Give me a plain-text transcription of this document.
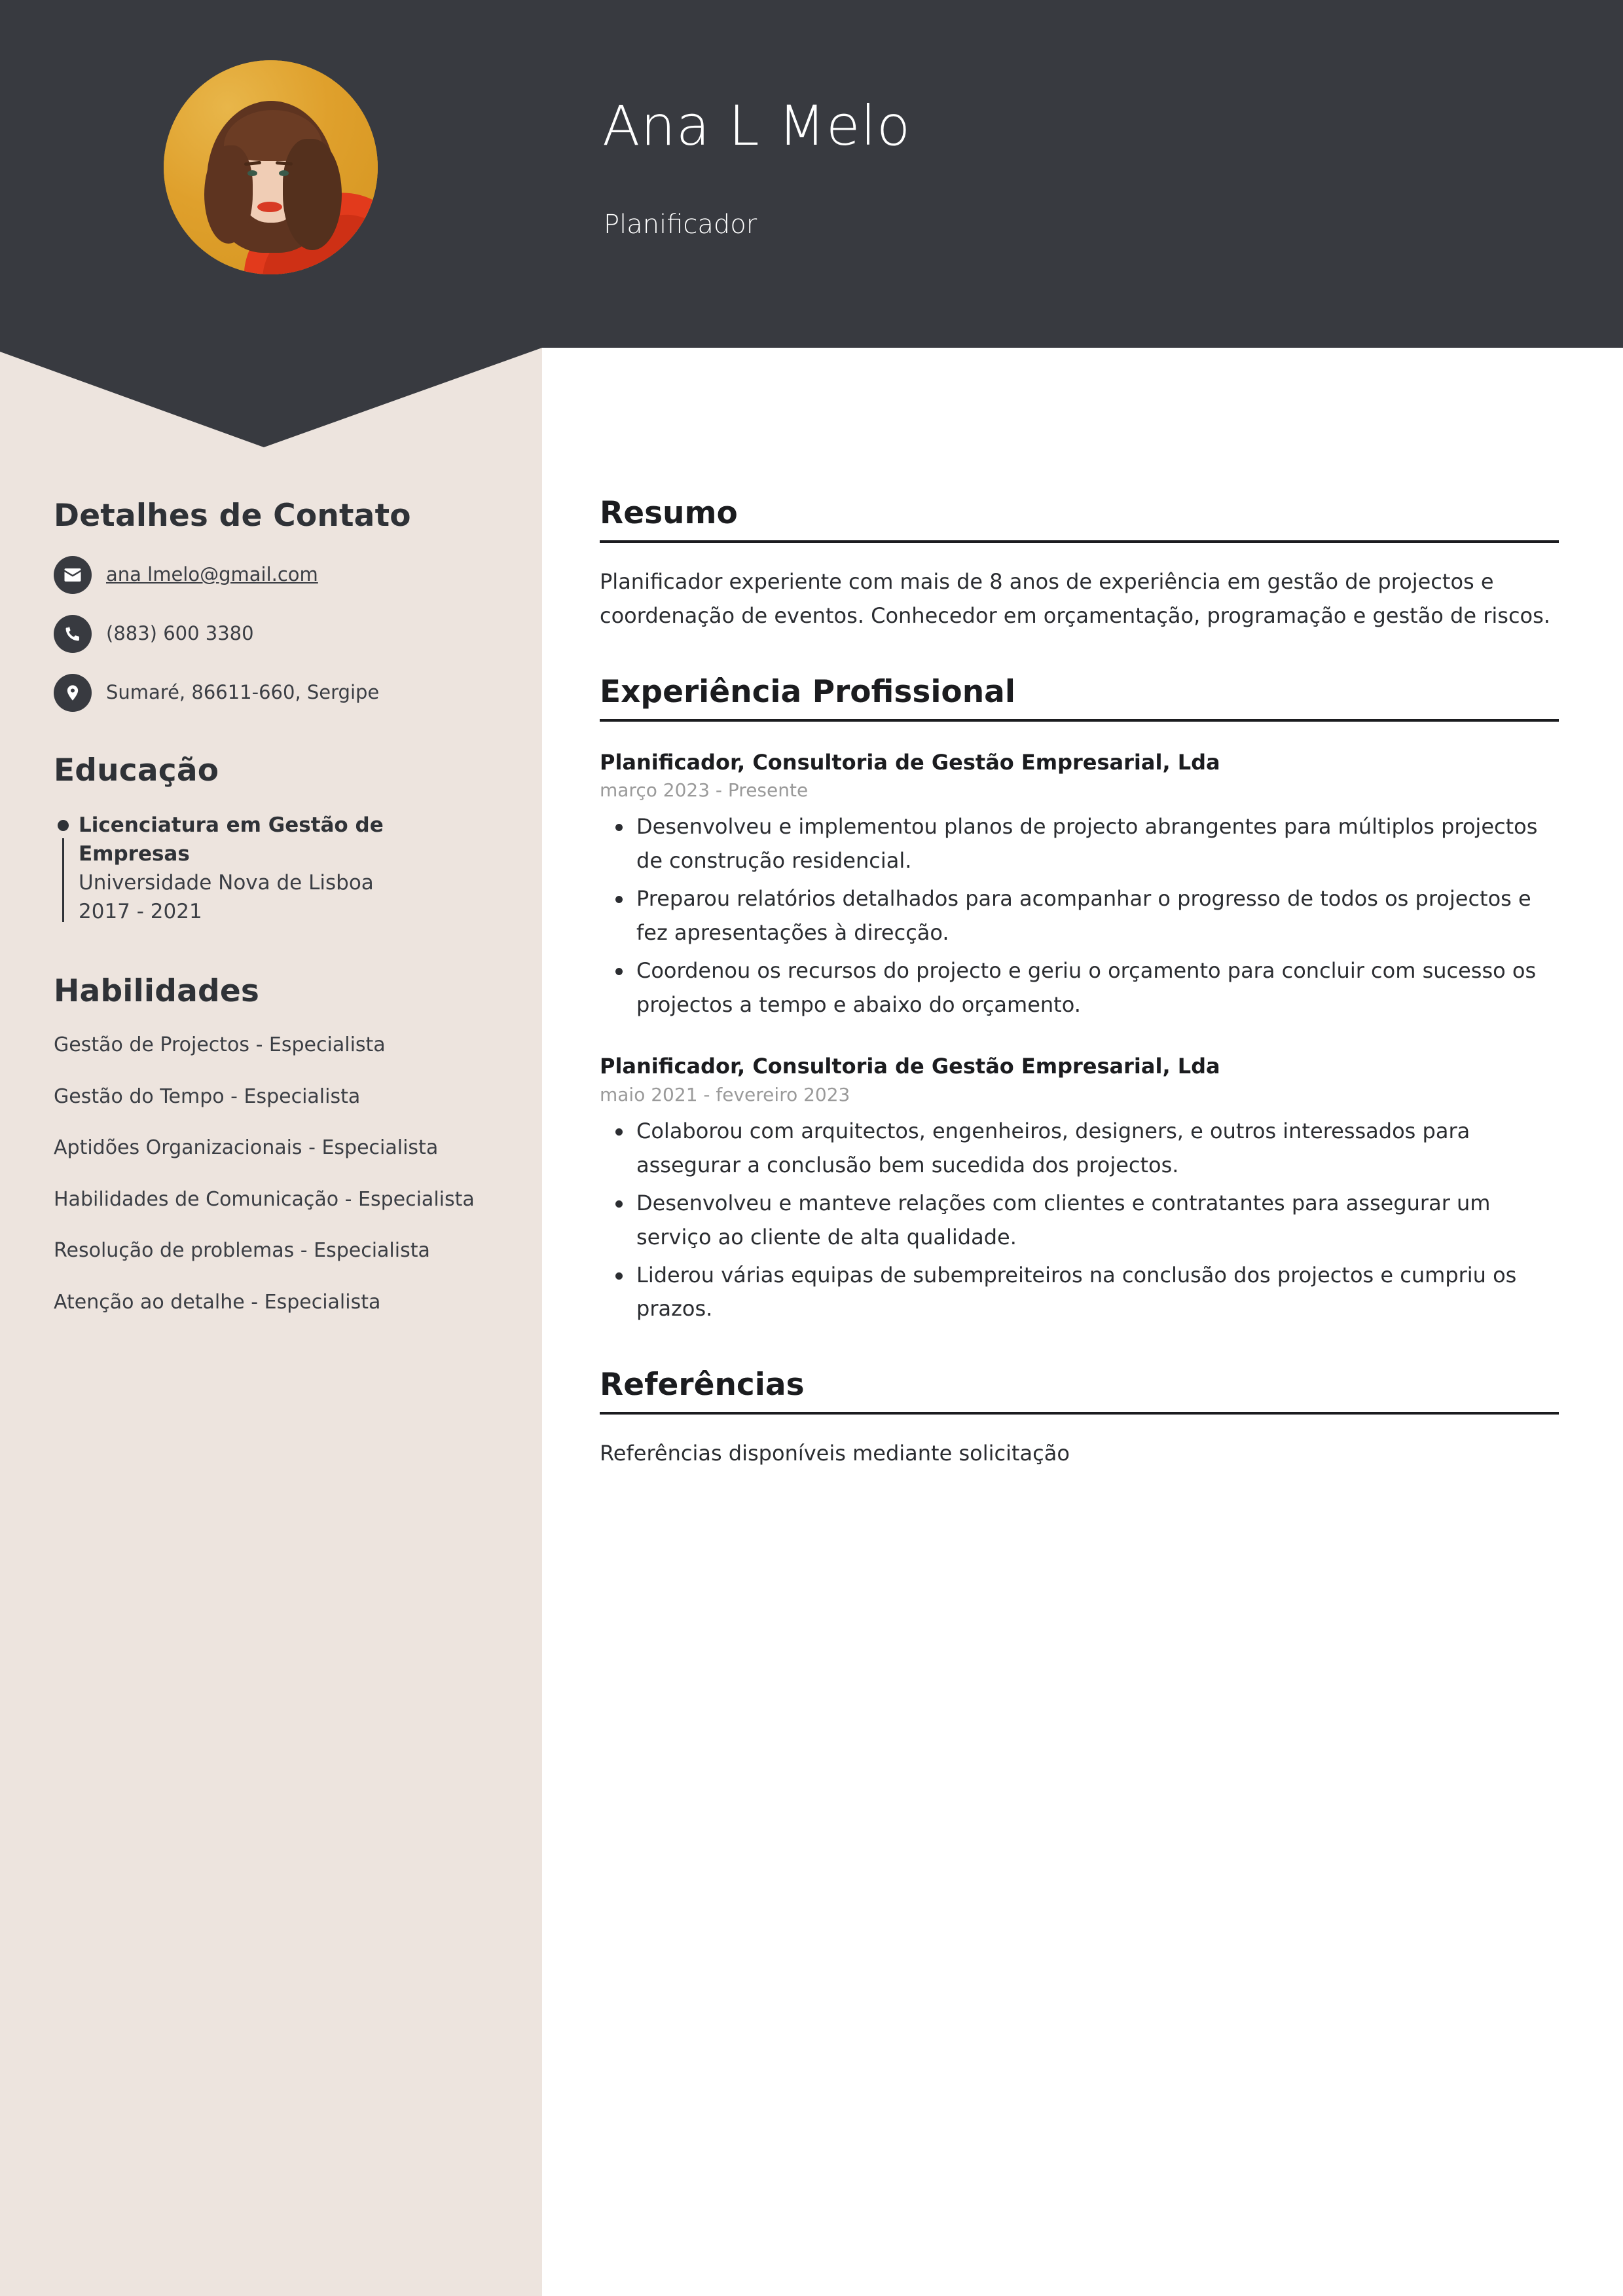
Ana L Melo
Planificador
Detalhes de Contato
ana lmelo@gmail.com
(883) 600 3380
Sumaré, 86611-660, Sergipe
Educação
Licenciatura em Gestão de Empresas
Universidade Nova de Lisboa
2017 - 2021
Habilidades
Gestão de Projectos - Especialista
Gestão do Tempo - Especialista
Aptidões Organizacionais - Especialista
Habilidades de Comunicação - Especialista
Resolução de problemas - Especialista
Atenção ao detalhe - Especialista
Resumo
Planificador experiente com mais de 8 anos de experiência em gestão de projectos e coordenação de eventos. Conhecedor em orçamentação, programação e gestão de riscos.
Experiência Profissional
Planificador, Consultoria de Gestão Empresarial, Lda
março 2023 - Presente
Desenvolveu e implementou planos de projecto abrangentes para múltiplos projectos de construção residencial.
Preparou relatórios detalhados para acompanhar o progresso de todos os projectos e fez apresentações à direcção.
Coordenou os recursos do projecto e geriu o orçamento para concluir com sucesso os projectos a tempo e abaixo do orçamento.
Planificador, Consultoria de Gestão Empresarial, Lda
maio 2021 - fevereiro 2023
Colaborou com arquitectos, engenheiros, designers, e outros interessados para assegurar a conclusão bem sucedida dos projectos.
Desenvolveu e manteve relações com clientes e contratantes para assegurar um serviço ao cliente de alta qualidade.
Liderou várias equipas de subempreiteiros na conclusão dos projectos e cumpriu os prazos.
Referências
Referências disponíveis mediante solicitação
